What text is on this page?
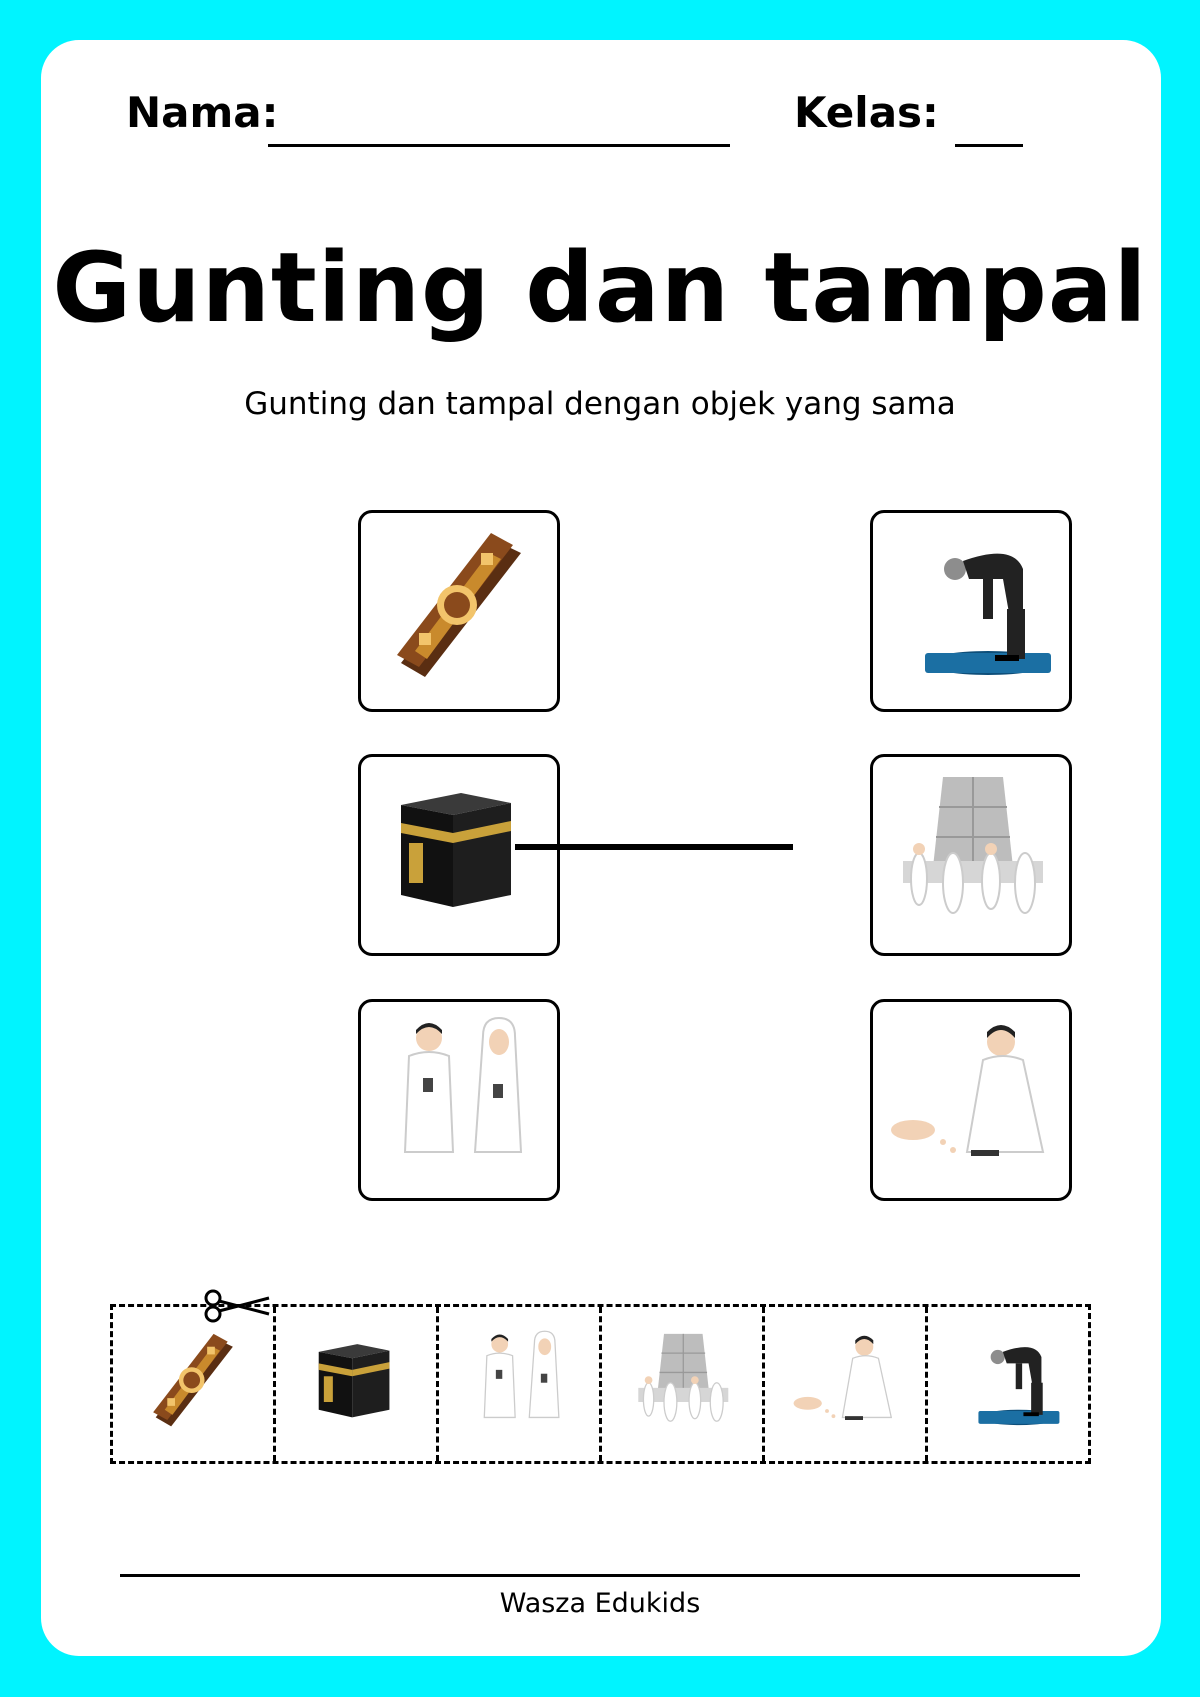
Nama:	Kelas:
Gunting dan tampal
Gunting dan tampal dengan objek yang sama
Wasza Edukids
